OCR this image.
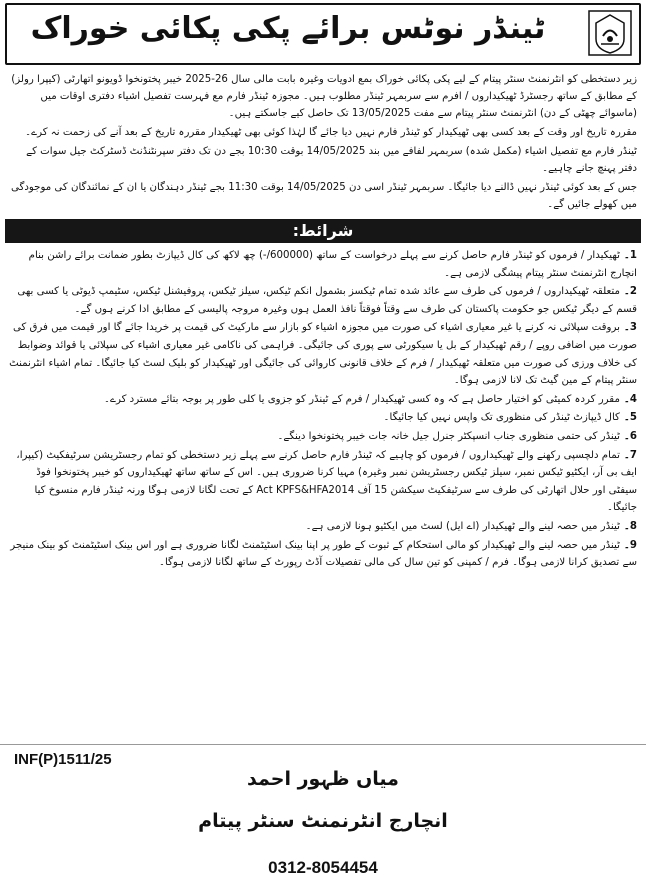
ٹینڈر نوٹس برائے پکی پکائی خوراک

زیر دستخطی کو انٹرنمنٹ سنٹر پیتام کے لیے پکی پکائی خوراک بمع ادویات وغیرہ بابت مالی سال 26-2025 خیبر پختونخوا ڈویونو اتھارٹی (کیپرا رولز) کے مطابق کے ساتھ رجسٹرڈ ٹھیکیداروں / افرم سے سربمہر ٹینڈر مطلوب ہیں۔ مجوزہ ٹینڈر فارم مع فہرست تفصیل اشیاء دفتری اوقات میں (ماسوائے چھٹی کے دن) انٹرنمنٹ سنٹر پیتام سے مفت 13/05/2025 تک حاصل کیے جاسکتے ہیں۔

مقررہ تاریخ اور وقت کے بعد کسی بھی ٹھیکیدار کو ٹینڈر فارم نہیں دیا جائے گا لہٰذا کوئی بھی ٹھیکیدار مقررہ تاریخ کے بعد آنے کی زحمت نہ کرے۔

ٹینڈر فارم مع تفصیل اشیاء (مکمل شدہ) سربمہر لفافے میں بند 14/05/2025 بوقت 10:30 بجے دن تک دفتر سپرنٹنڈنٹ ڈسٹرکٹ جیل سوات کے دفتر پہنچ جانے چاہیے۔

جس کے بعد کوئی ٹینڈر نہیں ڈالنے دیا جائیگا۔ سربمہر ٹینڈر اسی دن 14/05/2025 بوقت 11:30 بجے ٹینڈر دہندگان یا ان کے نمائندگان کی موجودگی میں کھولے جائیں گے۔

شرائط:
1۔ٹھیکیدار / فرموں کو ٹینڈر فارم حاصل کرنے سے پہلے درخواست کے ساتھ (600000/-) چھ لاکھ کی کال ڈیپازٹ بطور ضمانت برائے راشن بنام انچارج انٹرنمنٹ سنٹر پیتام پیشگی لازمی ہے۔
2۔متعلقہ ٹھیکیداروں / فرموں کی طرف سے عائد شدہ تمام ٹیکسز بشمول انکم ٹیکس، سیلز ٹیکس، پروفیشنل ٹیکس، سٹیمپ ڈیوٹی یا کسی بھی قسم کے دیگر ٹیکس جو حکومت پاکستان کی طرف سے وقتاً فوقتاً نافذ العمل ہوں وغیرہ مروجہ پالیسی کے مطابق ادا کرنے ہوں گے۔
3۔بروقت سپلائی نہ کرنے یا غیر معیاری اشیاء کی صورت میں مجوزہ اشیاء کو بازار سے مارکیٹ کی قیمت پر خریدا جائے گا اور قیمت میں فرق کی صورت میں اضافی روپے / رقم ٹھیکیدار کے بل یا سیکورٹی سے پوری کی جائیگی۔ فراہمی کی ناکامی غیر معیاری اشیاء کی سپلائی یا قوائد وضوابط کی خلاف ورزی کی صورت میں متعلقہ ٹھیکیدار / فرم کے خلاف قانونی کاروائی کی جائیگی اور ٹھیکیدار کو بلیک لسٹ کیا جائیگا۔ تمام اشیاء انٹرنمنٹ سنٹر پیتام کے مین گیٹ تک لانا لازمی ہوگا۔
4۔مقرر کردہ کمیٹی کو اختیار حاصل ہے کہ وہ کسی ٹھیکیدار / فرم کے ٹینڈر کو جزوی یا کلی طور پر بوجہ بتائے مسترد کرے۔
5۔کال ڈیپازٹ ٹینڈر کی منظوری تک واپس نہیں کیا جائیگا۔
6۔ٹینڈر کی حتمی منظوری جناب انسپکٹر جنرل جیل خانہ جات خیبر پختونخوا دینگے۔
7۔تمام دلچسپی رکھنے والے ٹھیکیداروں / فرموں کو چاہیے کہ ٹینڈر فارم حاصل کرنے سے پہلے زیر دستخطی کو تمام رجسٹریشن سرٹیفکیٹ (کیپرا، ایف بی آر، ایکٹیو ٹیکس نمبر، سیلز ٹیکس رجسٹریشن نمبر وغیرہ) مہیا کرنا ضروری ہیں۔ اس کے ساتھ ساتھ ٹھیکیداروں کو خیبر پختونخوا فوڈ سیفٹی اور حلال اتھارٹی کی طرف سے سرٹیفکیٹ سیکشن 15 آف Act KPFS&HFA2014 کے تحت لگانا لازمی ہوگا ورنہ ٹینڈر فارم منسوخ کیا جائیگا۔
8۔ٹینڈر میں حصہ لینے والے ٹھیکیدار (اے ایل) لسٹ میں ایکٹیو ہونا لازمی ہے۔
9۔ٹینڈر میں حصہ لینے والے ٹھیکیدار کو مالی استحکام کے ثبوت کے طور پر اپنا بینک اسٹیٹمنٹ لگانا ضروری ہے اور اس بینک اسٹیٹمنٹ کو بینک منیجر سے تصدیق کرانا لازمی ہوگا۔ فرم / کمپنی کو تین سال کی مالی تفصیلات آڈٹ رپورٹ کے ساتھ لگانا لازمی ہوگا۔
INF(P)1511/25
میاں ظہور احمد
انچارج انٹرنمنٹ سنٹر پیتام
0312-8054454
